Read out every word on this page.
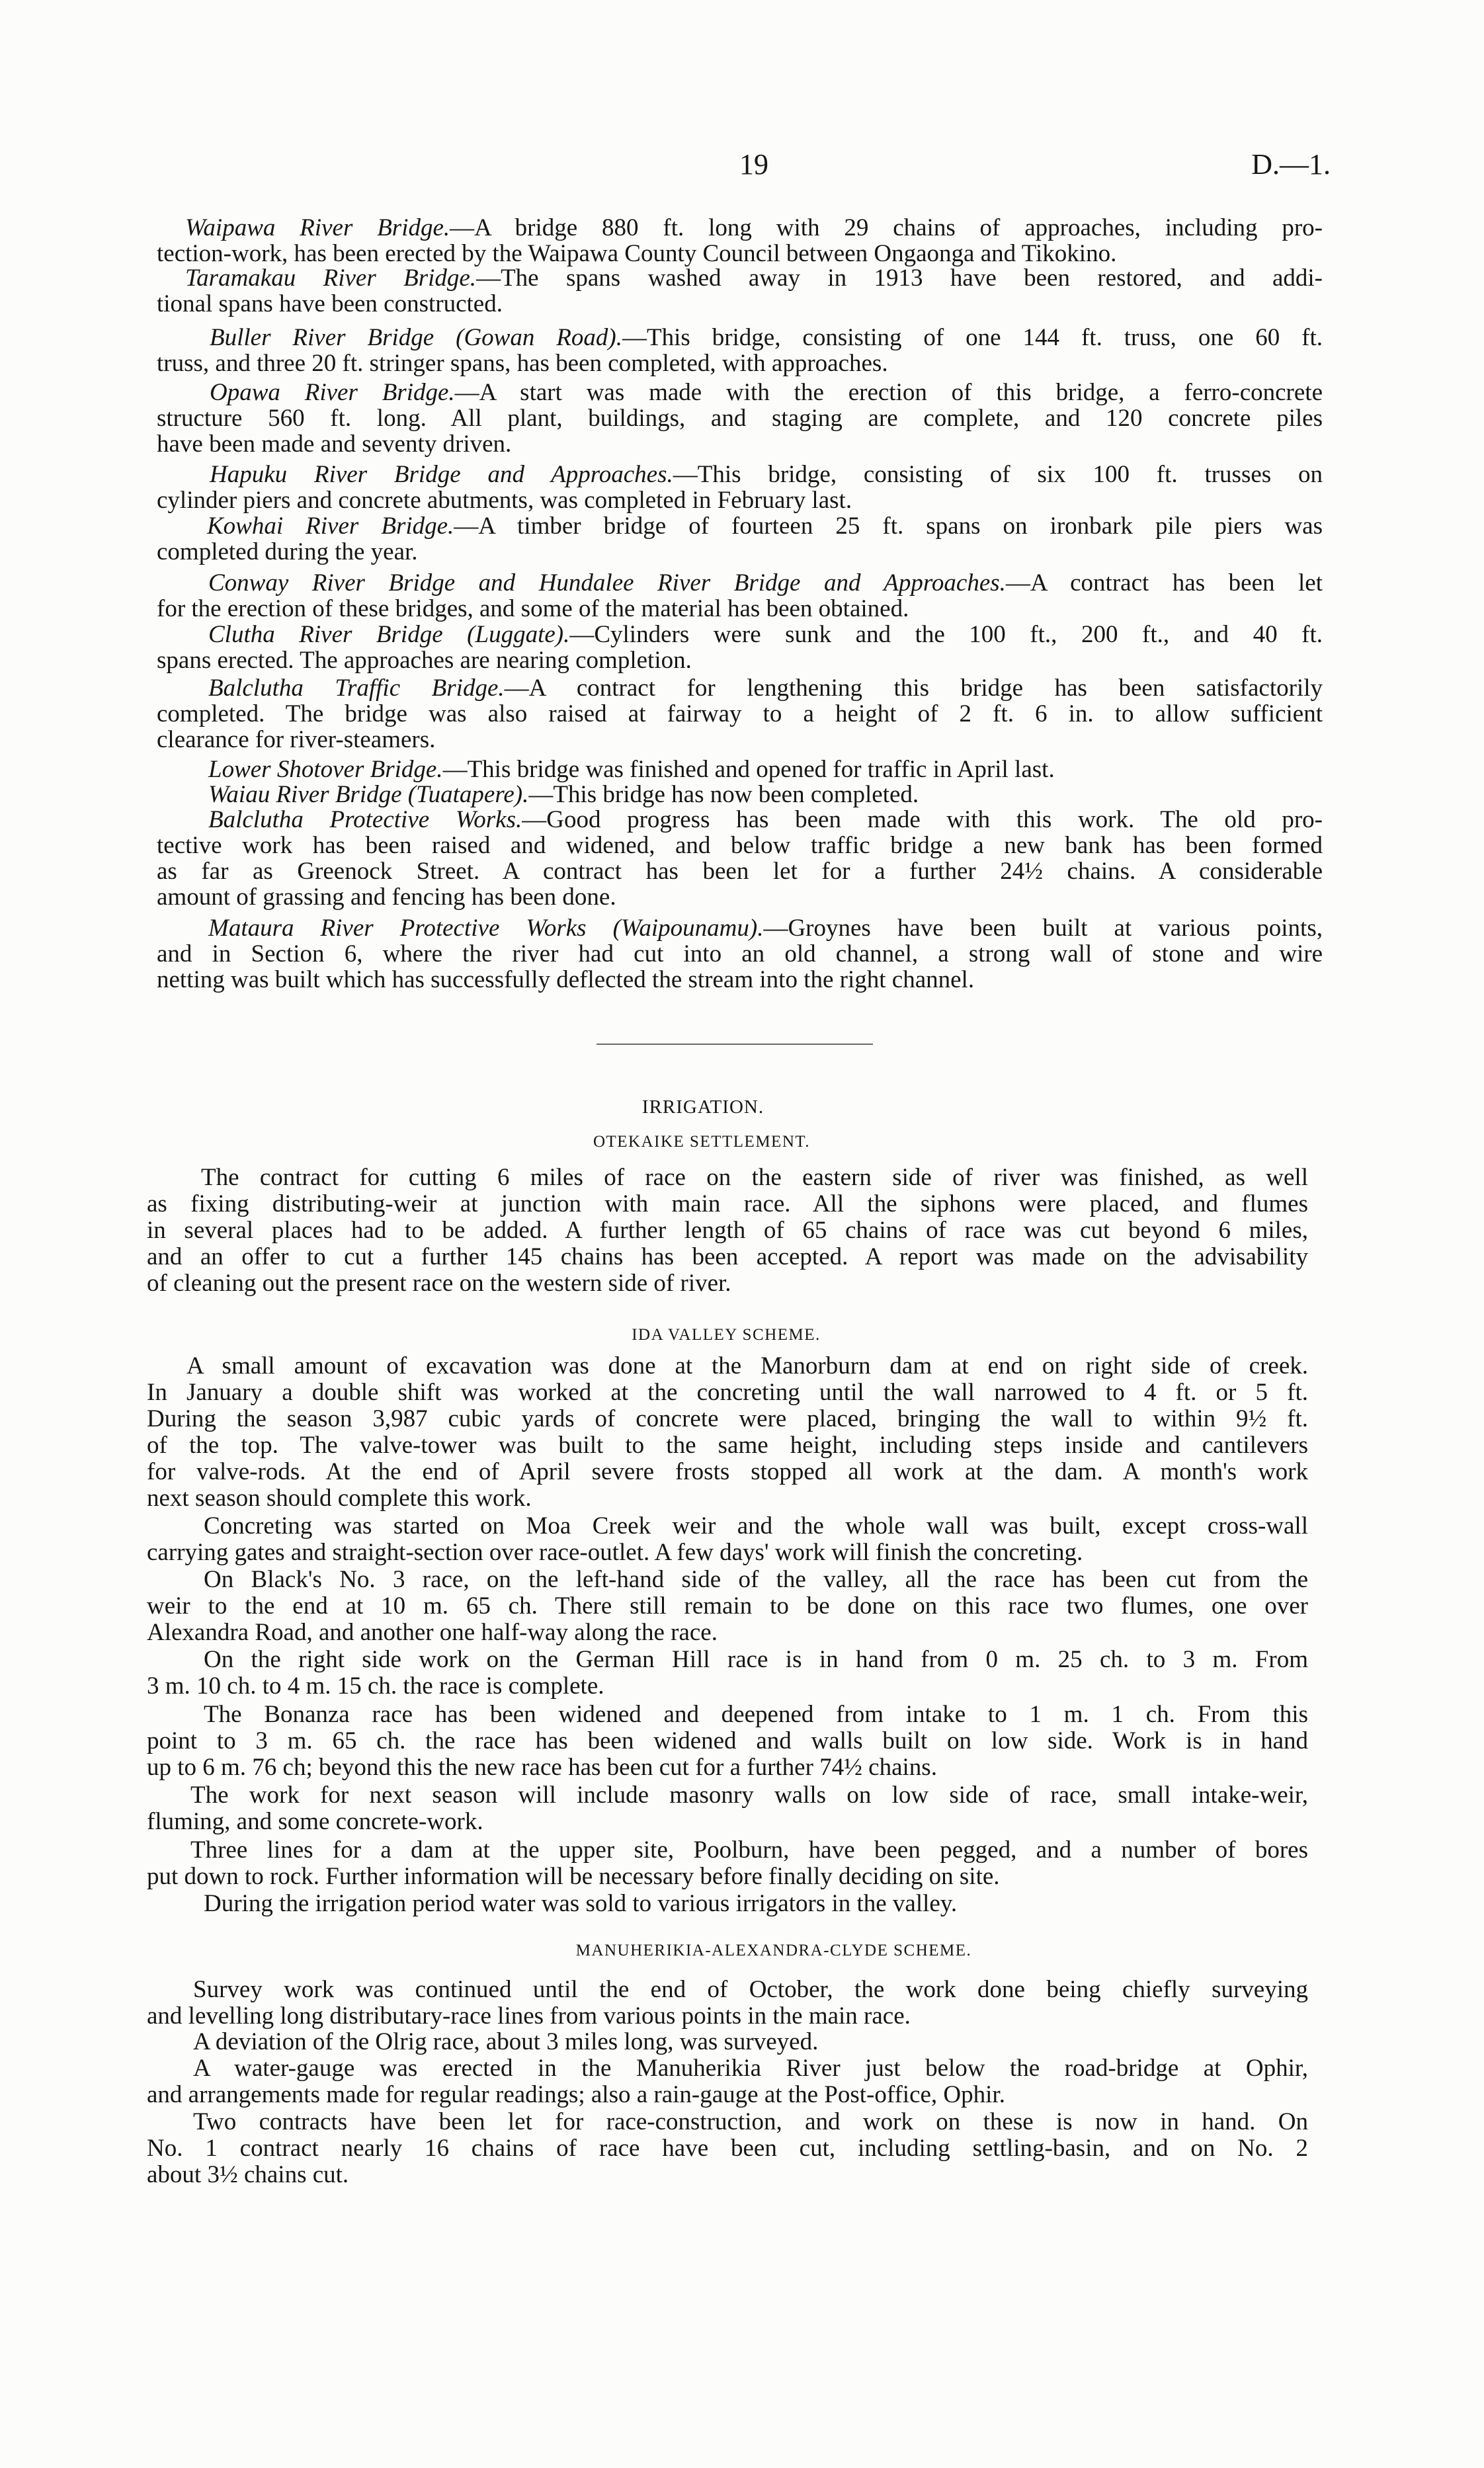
19	D.—1.
Waipawa River Bridge.—A bridge 880 ft. long with 29 chains of approaches, including pro-
tection-work, has been erected by the Waipawa County Council between Ongaonga and Tikokino.
Taramakau River Bridge.—The spans washed away in 1913 have been restored, and addi-
tional spans have been constructed.
Buller River Bridge (Gowan Road).—This bridge, consisting of one 144 ft. truss, one 60 ft.
truss, and three 20 ft. stringer spans, has been completed, with approaches.
Opawa River Bridge.—A start was made with the erection of this bridge, a ferro-concrete
structure 560 ft. long. All plant, buildings, and staging are complete, and 120 concrete piles
have been made and seventy driven.
Hapuku River Bridge and Approaches.—This bridge, consisting of six 100 ft. trusses on
cylinder piers and concrete abutments, was completed in February last.
Kowhai River Bridge.—A timber bridge of fourteen 25 ft. spans on ironbark pile piers was
completed during the year.
Conway River Bridge and Hundalee River Bridge and Approaches.—A contract has been let
for the erection of these bridges, and some of the material has been obtained.
Clutha River Bridge (Luggate).—Cylinders were sunk and the 100 ft., 200 ft., and 40 ft.
spans erected. The approaches are nearing completion.
Balclutha Traffic Bridge.—A contract for lengthening this bridge has been satisfactorily
completed. The bridge was also raised at fairway to a height of 2 ft. 6 in. to allow sufficient
clearance for river-steamers.
Lower Shotover Bridge.—This bridge was finished and opened for traffic in April last.
Waiau River Bridge (Tuatapere).—This bridge has now been completed.
Balclutha Protective Works.—Good progress has been made with this work. The old pro-
tective work has been raised and widened, and below traffic bridge a new bank has been formed
as far as Greenock Street. A contract has been let for a further 24½ chains. A considerable
amount of grassing and fencing has been done.
Mataura River Protective Works (Waipounamu).—Groynes have been built at various points,
and in Section 6, where the river had cut into an old channel, a strong wall of stone and wire
netting was built which has successfully deflected the stream into the right channel.
IRRIGATION.
OTEKAIKE SETTLEMENT.
The contract for cutting 6 miles of race on the eastern side of river was finished, as well
as fixing distributing-weir at junction with main race. All the siphons were placed, and flumes
in several places had to be added. A further length of 65 chains of race was cut beyond 6 miles,
and an offer to cut a further 145 chains has been accepted. A report was made on the advisability
of cleaning out the present race on the western side of river.
IDA VALLEY SCHEME.
A small amount of excavation was done at the Manorburn dam at end on right side of creek.
In January a double shift was worked at the concreting until the wall narrowed to 4 ft. or 5 ft.
During the season 3,987 cubic yards of concrete were placed, bringing the wall to within 9½ ft.
of the top. The valve-tower was built to the same height, including steps inside and cantilevers
for valve-rods. At the end of April severe frosts stopped all work at the dam. A month's work
next season should complete this work.
Concreting was started on Moa Creek weir and the whole wall was built, except cross-wall
carrying gates and straight-section over race-outlet. A few days' work will finish the concreting.
On Black's No. 3 race, on the left-hand side of the valley, all the race has been cut from the
weir to the end at 10 m. 65 ch. There still remain to be done on this race two flumes, one over
Alexandra Road, and another one half-way along the race.
On the right side work on the German Hill race is in hand from 0 m. 25 ch. to 3 m. From
3 m. 10 ch. to 4 m. 15 ch. the race is complete.
The Bonanza race has been widened and deepened from intake to 1 m. 1 ch. From this
point to 3 m. 65 ch. the race has been widened and walls built on low side. Work is in hand
up to 6 m. 76 ch; beyond this the new race has been cut for a further 74½ chains.
The work for next season will include masonry walls on low side of race, small intake-weir,
fluming, and some concrete-work.
Three lines for a dam at the upper site, Poolburn, have been pegged, and a number of bores
put down to rock. Further information will be necessary before finally deciding on site.
During the irrigation period water was sold to various irrigators in the valley.
MANUHERIKIA-ALEXANDRA-CLYDE SCHEME.
Survey work was continued until the end of October, the work done being chiefly surveying
and levelling long distributary-race lines from various points in the main race.
A deviation of the Olrig race, about 3 miles long, was surveyed.
A water-gauge was erected in the Manuherikia River just below the road-bridge at Ophir,
and arrangements made for regular readings; also a rain-gauge at the Post-office, Ophir.
Two contracts have been let for race-construction, and work on these is now in hand. On
No. 1 contract nearly 16 chains of race have been cut, including settling-basin, and on No. 2
about 3½ chains cut.
